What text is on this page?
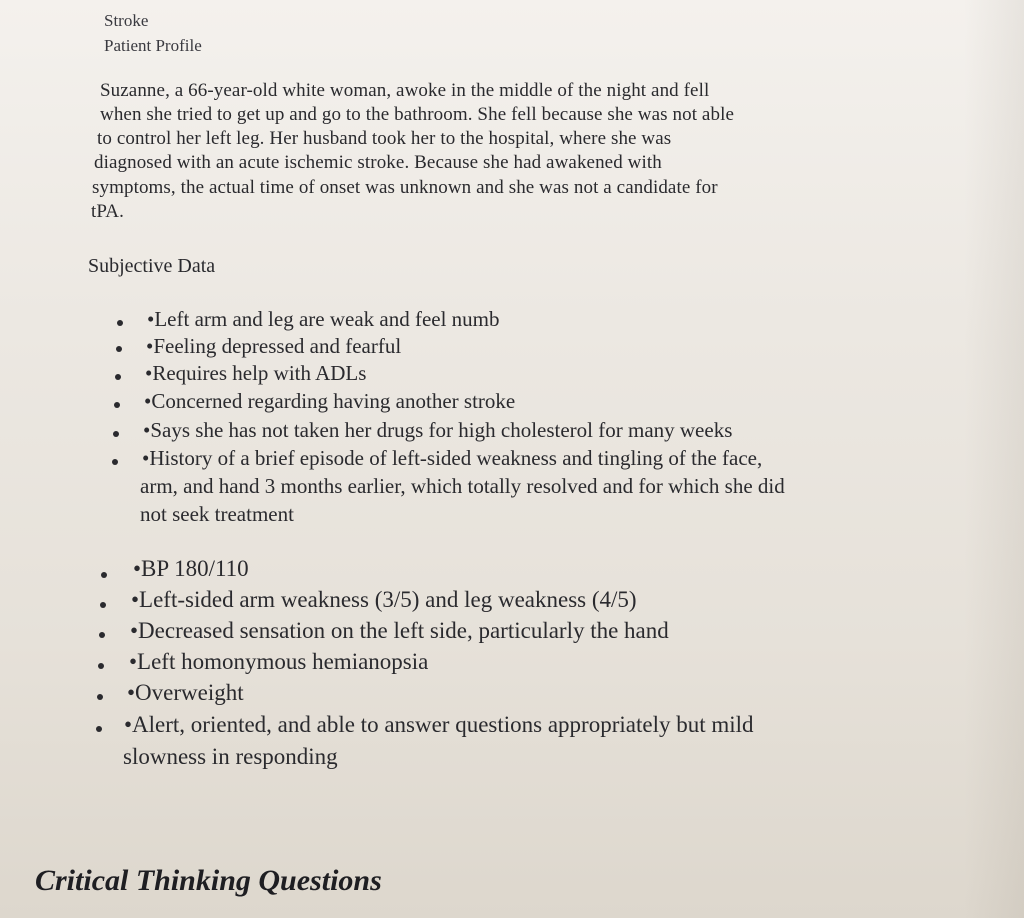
Stroke
Patient Profile
Suzanne, a 66-year-old white woman, awoke in the middle of the night and fell
when she tried to get up and go to the bathroom. She fell because she was not able
to control her left leg. Her husband took her to the hospital, where she was
diagnosed with an acute ischemic stroke. Because she had awakened with
symptoms, the actual time of onset was unknown and she was not a candidate for
tPA.
Subjective Data
•Left arm and leg are weak and feel numb
•Feeling depressed and fearful
•Requires help with ADLs
•Concerned regarding having another stroke
•Says she has not taken her drugs for high cholesterol for many weeks
•History of a brief episode of left-sided weakness and tingling of the face,
arm, and hand 3 months earlier, which totally resolved and for which she did
not seek treatment
•BP 180/110
•Left-sided arm weakness (3/5) and leg weakness (4/5)
•Decreased sensation on the left side, particularly the hand
•Left homonymous hemianopsia
•Overweight
•Alert, oriented, and able to answer questions appropriately but mild
slowness in responding
Critical Thinking Questions
